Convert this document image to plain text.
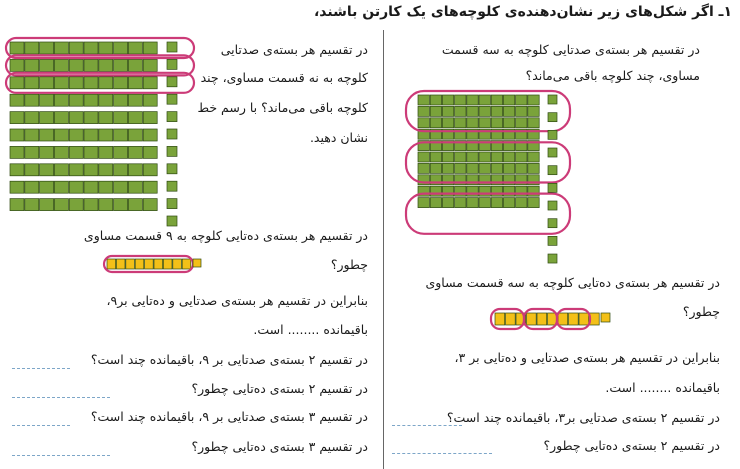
۱ـ اگر شکل‌های زیر نشان‌دهنده‌ی کلوچه‌های یک کارتن باشند،
در تقسیم هر بسته‌ی صدتایی کلوچه به سه قسمت
مساوی، چند کلوچه باقی می‌ماند؟
در تقسیم هر بسته‌ی ده‌تایی کلوچه به سه قسمت مساوی
چطور؟
بنابراین در تقسیم هر بسته‌ی صدتایی و ده‌تایی بر ۳،
باقیمانده ........ است.
در تقسیم ۲ بسته‌ی صدتایی بر۳، باقیمانده چند است؟
در تقسیم ۲ بسته‌ی ده‌تایی چطور؟
در تقسیم هر بسته‌ی صدتایی
کلوچه به نه قسمت مساوی، چند
کلوچه باقی می‌ماند؟ با رسم خط
نشان دهید.
در تقسیم هر بسته‌ی ده‌تایی کلوچه به ۹ قسمت مساوی
چطور؟
بنابراین در تقسیم هر بسته‌ی صدتایی و ده‌تایی بر۹،
باقیمانده ........ است.
در تقسیم ۲ بسته‌ی صدتایی بر ۹، باقیمانده چند است؟
در تقسیم ۲ بسته‌ی ده‌تایی چطور؟
در تقسیم ۳ بسته‌ی صدتایی بر ۹، باقیمانده چند است؟
در تقسیم ۳ بسته‌ی ده‌تایی چطور؟
